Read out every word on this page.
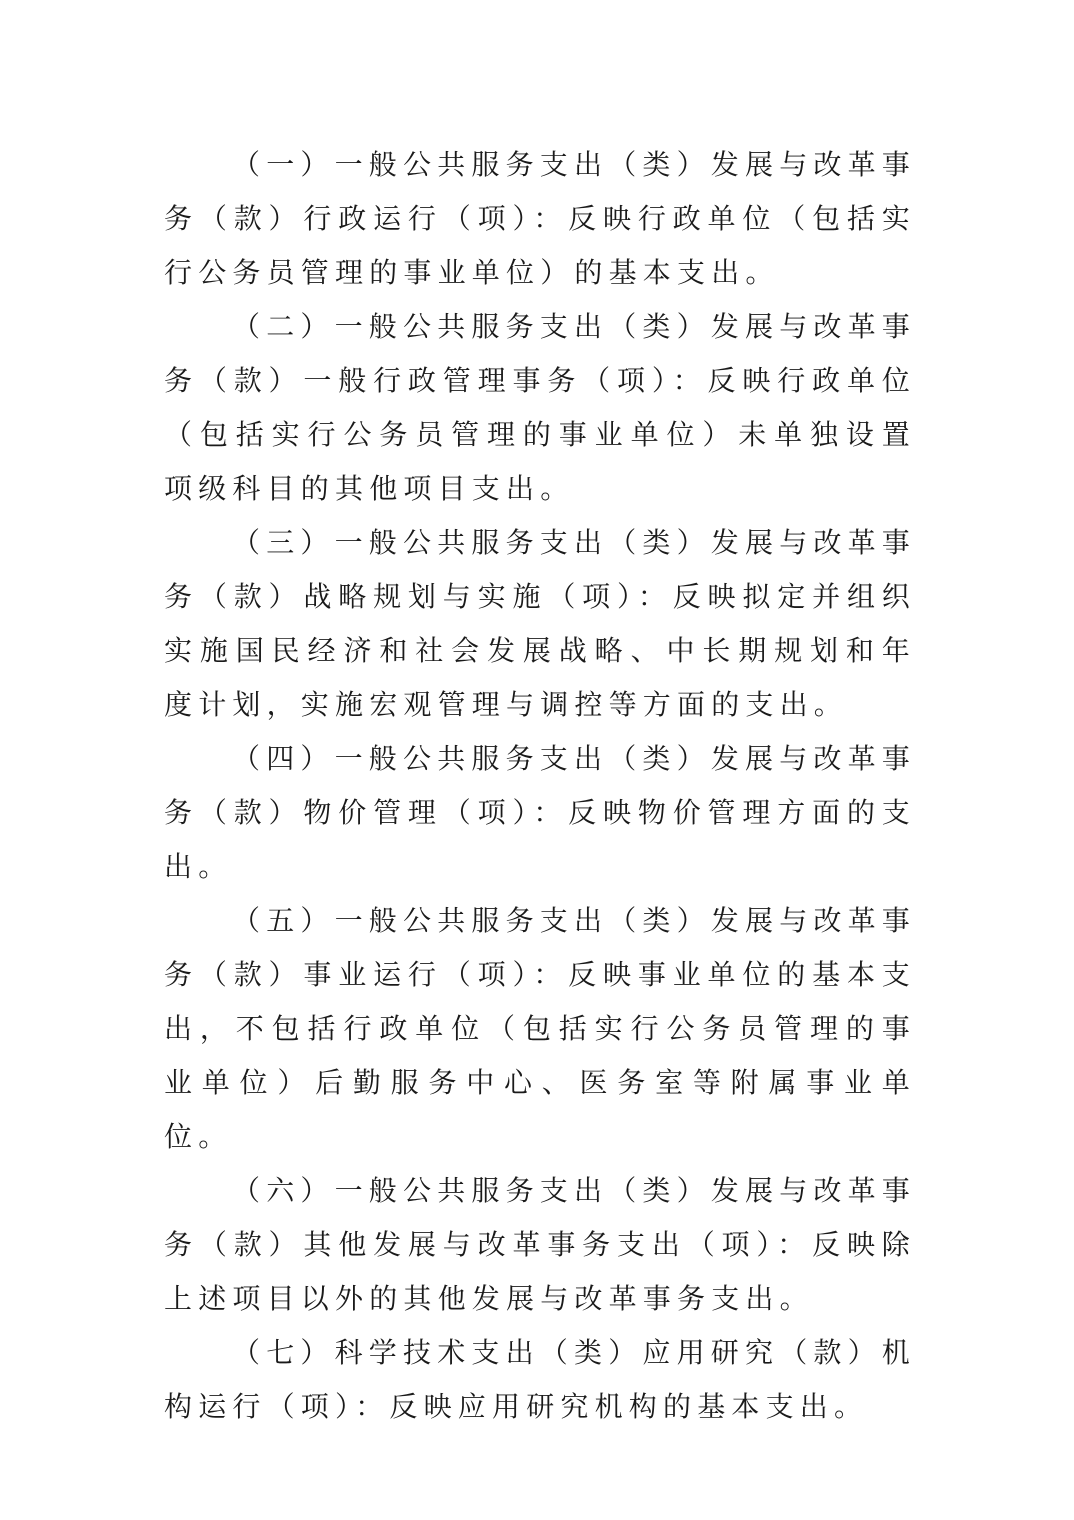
（一）一般公共服务支出（类）发展与改革事务（款）行政运行（项）：反映行政单位（包括实行公务员管理的事业单位）的基本支出。

（二）一般公共服务支出（类）发展与改革事务（款）一般行政管理事务（项）：反映行政单位（包括实行公务员管理的事业单位）未单独设置项级科目的其他项目支出。

（三）一般公共服务支出（类）发展与改革事务（款）战略规划与实施（项）：反映拟定并组织实施国民经济和社会发展战略、中长期规划和年度计划，实施宏观管理与调控等方面的支出。

（四）一般公共服务支出（类）发展与改革事务（款）物价管理（项）：反映物价管理方面的支出。

（五）一般公共服务支出（类）发展与改革事务（款）事业运行（项）：反映事业单位的基本支出，不包括行政单位（包括实行公务员管理的事业单位）后勤服务中心、医务室等附属事业单位。

（六）一般公共服务支出（类）发展与改革事务（款）其他发展与改革事务支出（项）：反映除上述项目以外的其他发展与改革事务支出。

（七）科学技术支出（类）应用研究（款）机构运行（项）：反映应用研究机构的基本支出。
